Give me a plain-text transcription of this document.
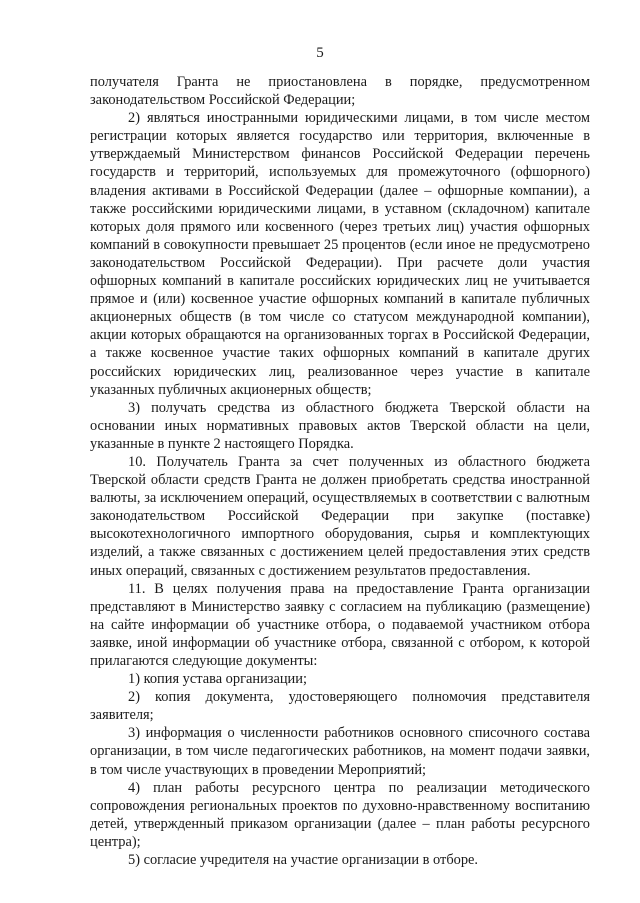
5

получателя Гранта не приостановлена в порядке, предусмотренном законодательством Российской Федерации;

2) являться иностранными юридическими лицами, в том числе местом регистрации которых является государство или территория, включенные в утверждаемый Министерством финансов Российской Федерации перечень государств и территорий, используемых для промежуточного (офшорного) владения активами в Российской Федерации (далее – офшорные компании), а также российскими юридическими лицами, в уставном (складочном) капитале которых доля прямого или косвенного (через третьих лиц) участия офшорных компаний в совокупности превышает 25 процентов (если иное не предусмотрено законодательством Российской Федерации). При расчете доли участия офшорных компаний в капитале российских юридических лиц не учитывается прямое и (или) косвенное участие офшорных компаний в капитале публичных акционерных обществ (в том числе со статусом международной компании), акции которых обращаются на организованных торгах в Российской Федерации, а также косвенное участие таких офшорных компаний в капитале других российских юридических лиц, реализованное через участие в капитале указанных публичных акционерных обществ;

3) получать средства из областного бюджета Тверской области на основании иных нормативных правовых актов Тверской области на цели, указанные в пункте 2 настоящего Порядка.

10. Получатель Гранта за счет полученных из областного бюджета Тверской области средств Гранта не должен приобретать средства иностранной валюты, за исключением операций, осуществляемых в соответствии с валютным законодательством Российской Федерации при закупке (поставке) высокотехнологичного импортного оборудования, сырья и комплектующих изделий, а также связанных с достижением целей предоставления этих средств иных операций, связанных с достижением результатов предоставления.

11. В целях получения права на предоставление Гранта организации представляют в Министерство заявку с согласием на публикацию (размещение) на сайте информации об участнике отбора, о подаваемой участником отбора заявке, иной информации об участнике отбора, связанной с отбором, к которой прилагаются следующие документы:

1) копия устава организации;

2) копия документа, удостоверяющего полномочия представителя заявителя;

3) информация о численности работников основного списочного состава организации, в том числе педагогических работников, на момент подачи заявки, в том числе участвующих в проведении Мероприятий;

4) план работы ресурсного центра по реализации методического сопровождения региональных проектов по духовно-нравственному воспитанию детей, утвержденный приказом организации (далее – план работы ресурсного центра);

5) согласие учредителя на участие организации в отборе.
